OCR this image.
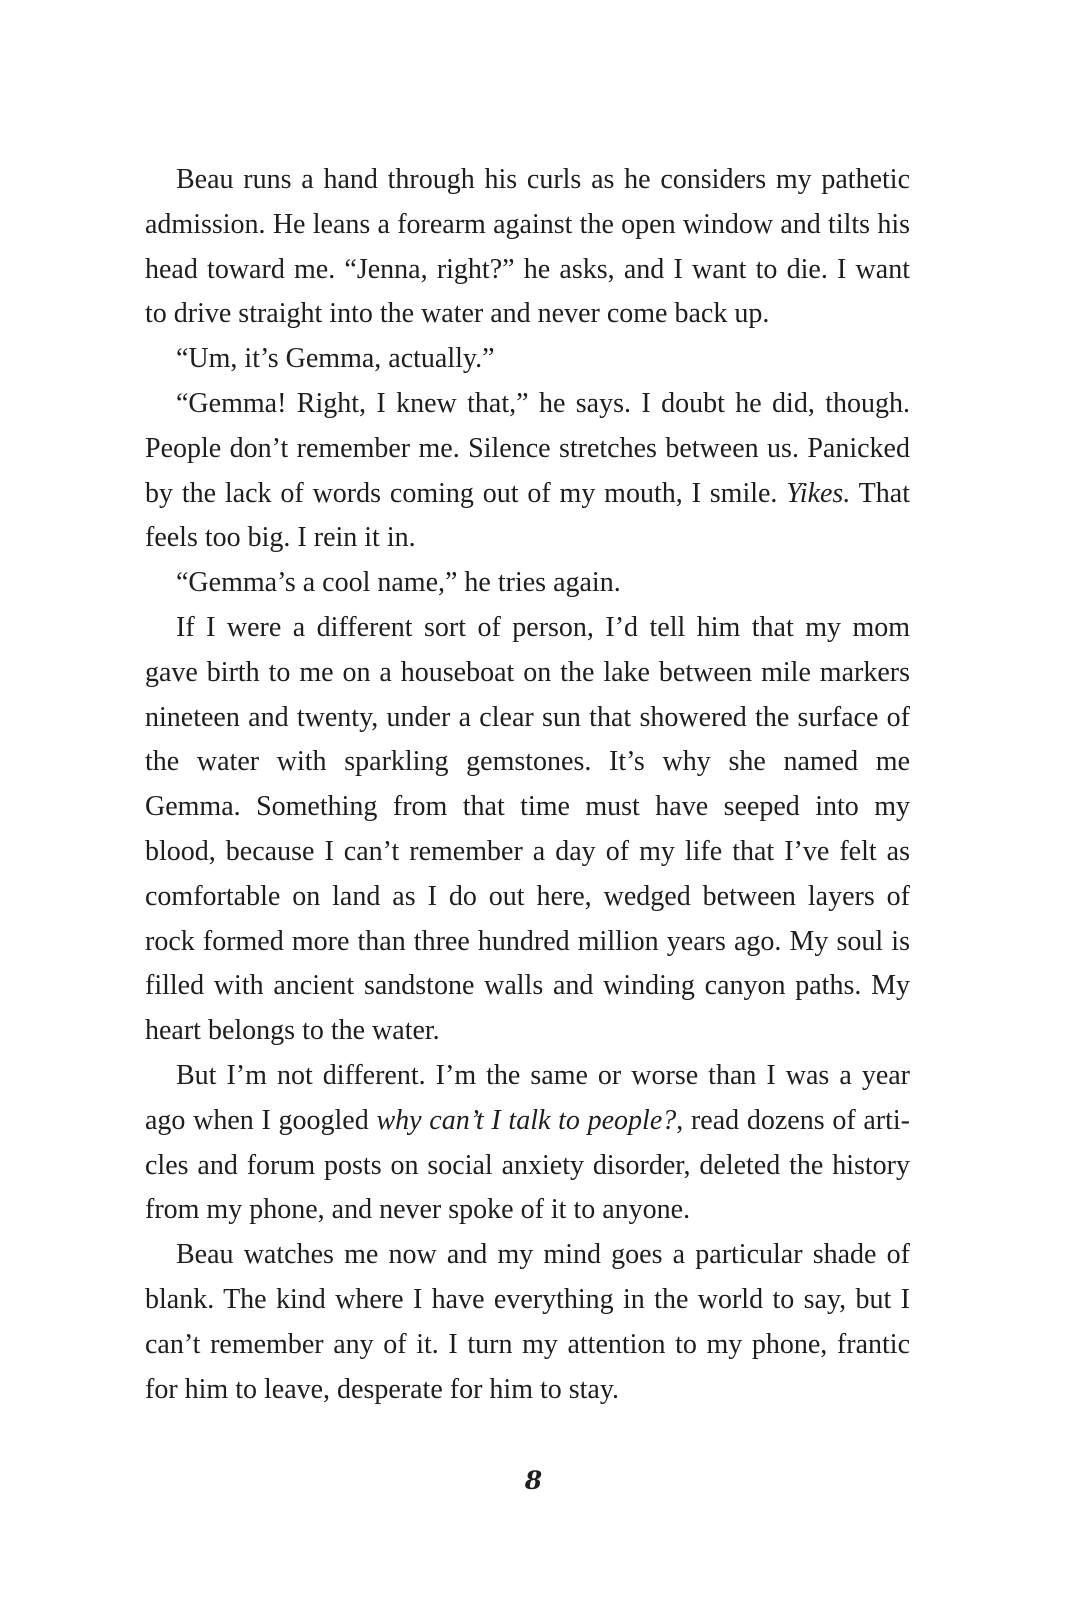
Beau runs a hand through his curls as he considers my pathetic admission. He leans a forearm against the open window and tilts his head toward me. “Jenna, right?” he asks, and I want to die. I want to drive straight into the water and never come back up.

“Um, it’s Gemma, actually.”

“Gemma! Right, I knew that,” he says. I doubt he did, though. People don’t remember me. Silence stretches between us. Panicked by the lack of words coming out of my mouth, I smile. Yikes. That feels too big. I rein it in.

“Gemma’s a cool name,” he tries again.

If I were a different sort of person, I’d tell him that my mom gave birth to me on a houseboat on the lake between mile markers nineteen and twenty, under a clear sun that showered the surface of the water with sparkling gemstones. It’s why she named me Gemma. Something from that time must have seeped into my blood, because I can’t remember a day of my life that I’ve felt as comfortable on land as I do out here, wedged between layers of rock formed more than three hundred million years ago. My soul is filled with ancient sandstone walls and winding canyon paths. My heart belongs to the water.

But I’m not different. I’m the same or worse than I was a year ago when I googled why can’t I talk to people?, read dozens of articles and forum posts on social anxiety disorder, deleted the history from my phone, and never spoke of it to anyone.

Beau watches me now and my mind goes a particular shade of blank. The kind where I have everything in the world to say, but I can’t remember any of it. I turn my attention to my phone, frantic for him to leave, desperate for him to stay.

8
